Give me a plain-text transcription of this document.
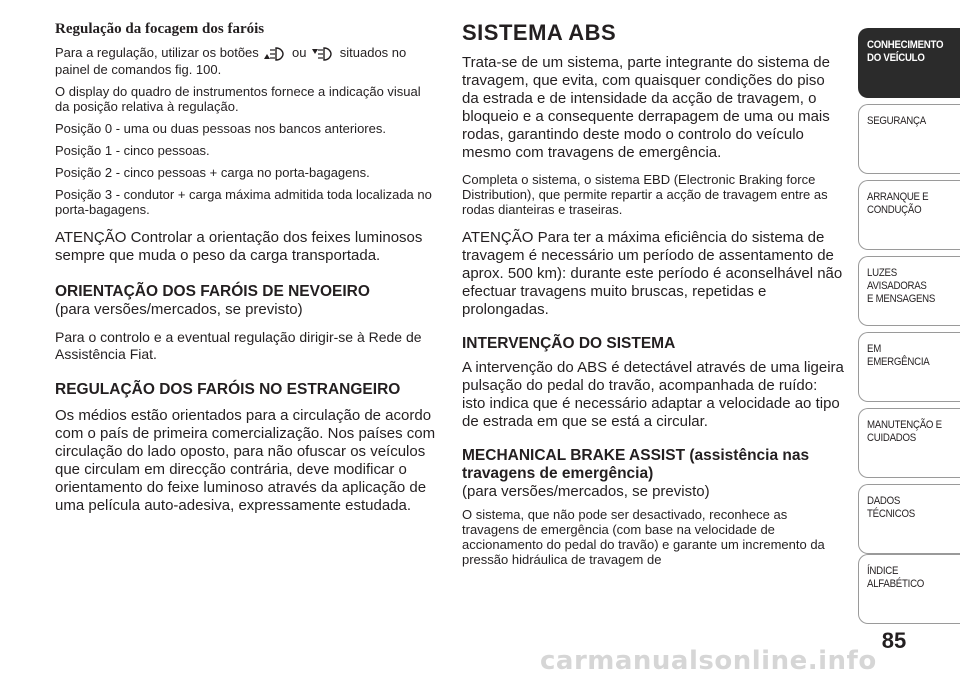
Regulação da focagem dos faróis

Para a regulação, utilizar os botões	ou	situados no painel de comandos fig. 100.

O display do quadro de instrumentos fornece a indicação visual da posição relativa à regulação.

Posição 0 - uma ou duas pessoas nos bancos anteriores.

Posição 1 - cinco pessoas.

Posição 2 - cinco pessoas + carga no porta-bagagens.

Posição 3 - condutor + carga máxima admitida toda localizada no porta-bagagens.

ATENÇÃO Controlar a orientação dos feixes luminosos sempre que muda o peso da carga transportada.

ORIENTAÇÃO DOS FARÓIS DE NEVOEIRO

(para versões/mercados, se previsto)

Para o controlo e a eventual regulação dirigir-se à Rede de Assistência Fiat.

REGULAÇÃO DOS FARÓIS NO ESTRANGEIRO

Os médios estão orientados para a circulação de acordo com o país de primeira comercialização. Nos países com circulação do lado oposto, para não ofuscar os veículos que circulam em direcção contrária, deve modificar o orientamento do feixe luminoso através da aplicação de uma película auto-adesiva, expressamente estudada.

SISTEMA ABS

Trata-se de um sistema, parte integrante do sistema de travagem, que evita, com quaisquer condições do piso da estrada e de intensidade da acção de travagem, o bloqueio e a consequente derrapagem de uma ou mais rodas, garantindo deste modo o controlo do veículo mesmo com travagens de emergência.

Completa o sistema, o sistema EBD (Electronic Braking force Distribution), que permite repartir a acção de travagem entre as rodas dianteiras e traseiras.

ATENÇÃO Para ter a máxima eficiência do sistema de travagem é necessário um período de assentamento de aprox. 500 km): durante este período é aconselhável não efectuar travagens muito bruscas, repetidas e prolongadas.

INTERVENÇÃO DO SISTEMA

A intervenção do ABS é detectável através de uma ligeira pulsação do pedal do travão, acompanhada de ruído: isto indica que é necessário adaptar a velocidade ao tipo de estrada em que se está a circular.

MECHANICAL BRAKE ASSIST (assistência nas travagens de emergência)

(para versões/mercados, se previsto)

O sistema, que não pode ser desactivado, reconhece as travagens de emergência (com base na velocidade de accionamento do pedal do travão) e garante um incremento da pressão hidráulica de travagem de

CONHECIMENTO
DO VEÍCULO
SEGURANÇA
ARRANQUE E
CONDUÇÃO
LUZES AVISADORAS
E MENSAGENS
EM EMERGÊNCIA
MANUTENÇÃO E
CUIDADOS
DADOS TÉCNICOS
ÍNDICE ALFABÉTICO
85
carmanualsonline.info
